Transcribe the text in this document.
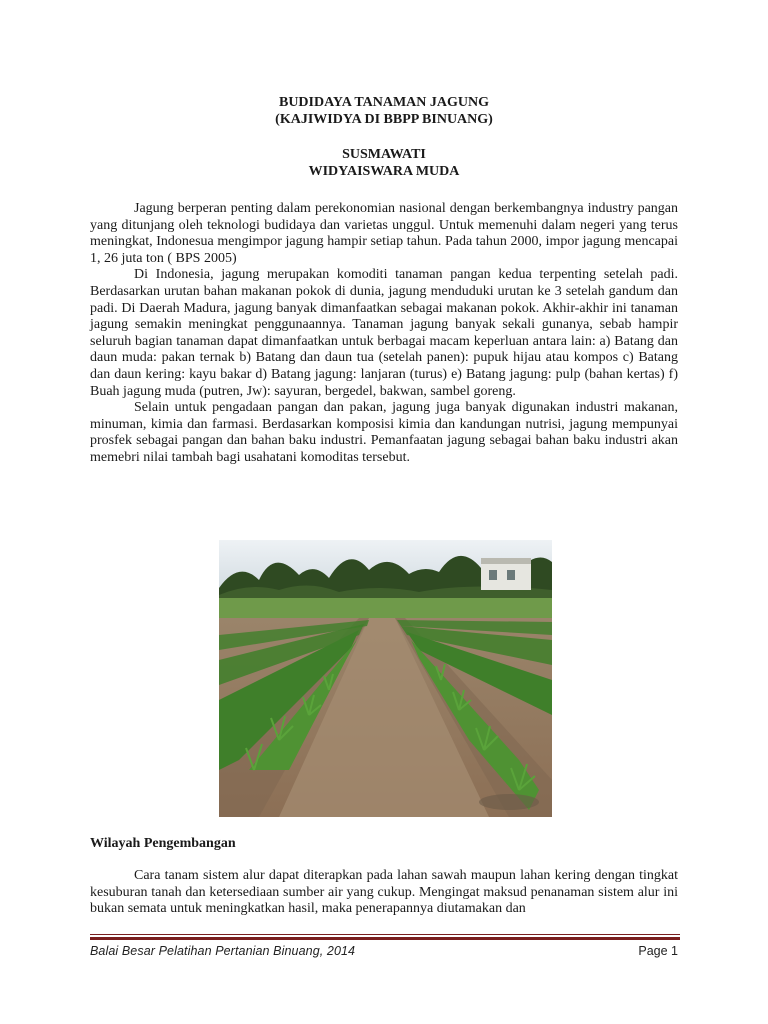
BUDIDAYA TANAMAN JAGUNG
(KAJIWIDYA DI BBPP BINUANG)
SUSMAWATI
WIDYAISWARA MUDA

Jagung berperan penting dalam perekonomian nasional dengan berkembangnya industry pangan yang ditunjang oleh teknologi budidaya dan varietas unggul. Untuk memenuhi dalam negeri yang terus meningkat, Indonesua mengimpor jagung hampir setiap tahun. Pada tahun 2000, impor jagung mencapai 1, 26 juta ton ( BPS 2005)

Di Indonesia, jagung merupakan komoditi tanaman pangan kedua terpenting setelah padi. Berdasarkan urutan bahan makanan pokok di dunia, jagung menduduki urutan ke 3 setelah gandum dan padi. Di Daerah Madura, jagung banyak dimanfaatkan sebagai makanan pokok. Akhir-akhir ini tanaman jagung semakin meningkat penggunaannya. Tanaman jagung banyak sekali gunanya, sebab hampir seluruh bagian tanaman dapat dimanfaatkan untuk berbagai macam keperluan antara lain: a) Batang dan daun muda: pakan ternak b) Batang dan daun tua (setelah panen): pupuk hijau atau kompos c) Batang dan daun kering: kayu bakar d) Batang jagung: lanjaran (turus) e) Batang jagung: pulp (bahan kertas) f) Buah jagung muda (putren, Jw): sayuran, bergedel, bakwan, sambel goreng.

Selain untuk pengadaan pangan dan pakan, jagung juga banyak digunakan industri makanan, minuman, kimia dan farmasi. Berdasarkan komposisi kimia dan kandungan nutrisi, jagung mempunyai prosfek sebagai pangan dan bahan baku industri. Pemanfaatan jagung sebagai bahan baku industri akan memebri nilai tambah bagi usahatani komoditas tersebut.

Wilayah Pengembangan

Cara tanam sistem alur dapat diterapkan pada lahan sawah maupun lahan kering dengan tingkat kesuburan tanah dan ketersediaan sumber air yang cukup. Mengingat maksud penanaman sistem alur ini bukan semata untuk meningkatkan hasil, maka penerapannya diutamakan dan

Balai Besar Pelatihan Pertanian Binuang, 2014	Page 1
